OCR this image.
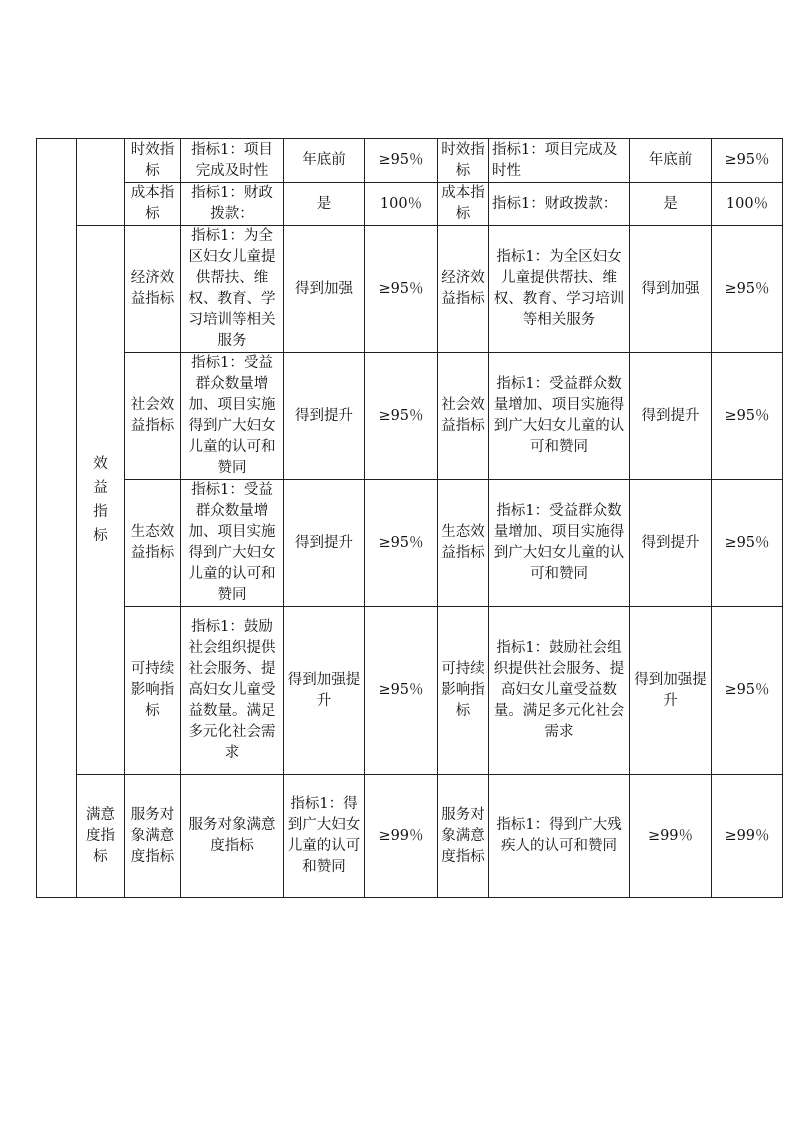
		时效指标	指标1：项目完成及时性	年底前	≥95％	时效指标	指标1：项目完成及时性	年底前	≥95％
		成本指标	指标1：财政拨款：	是	100％	成本指标	指标1：财政拨款：	是	100％
	效益指标	经济效益指标	指标1：为全区妇女儿童提供帮扶、维权、教育、学习培训等相关服务	得到加强	≥95％	经济效益指标	指标1：为全区妇女儿童提供帮扶、维权、教育、学习培训等相关服务	得到加强	≥95％
		社会效益指标	指标1：受益群众数量增加、项目实施得到广大妇女儿童的认可和赞同	得到提升	≥95％	社会效益指标	指标1：受益群众数量增加、项目实施得到广大妇女儿童的认可和赞同	得到提升	≥95％
		生态效益指标	指标1：受益群众数量增加、项目实施得到广大妇女儿童的认可和赞同	得到提升	≥95％	生态效益指标	指标1：受益群众数量增加、项目实施得到广大妇女儿童的认可和赞同	得到提升	≥95％
		可持续影响指标	指标1：鼓励社会组织提供社会服务、提高妇女儿童受益数量。满足多元化社会需求	得到加强提升	≥95％	可持续影响指标	指标1：鼓励社会组织提供社会服务、提高妇女儿童受益数量。满足多元化社会需求	得到加强提升	≥95％
	满意度指标	服务对象满意度指标	服务对象满意度指标	指标1：得到广大妇女儿童的认可和赞同	≥99％	服务对象满意度指标	指标1：得到广大残疾人的认可和赞同	≥99％	≥99％
